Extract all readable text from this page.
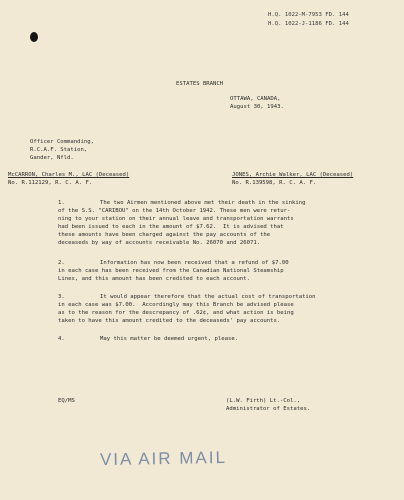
H.Q. 1022-M-7953 FD. 144
H.Q. 1022-J-1186 FD. 144
ESTATES BRANCH
OTTAWA, CANADA,
August 30, 1943.
Officer Commanding,
R.C.A.F. Station,
Gander, Nfld.
McCARRON, Charles M., LAC (Deceased)
No. R.112129, R. C. A. F.
JONES, Archie Walker, LAC (Deceased)
No. R.139598, R. C. A. F.
1.	The two Airmen mentioned above met their death in the sinking
of the S.S. "CARIBOU" on the 14th October 1942. These men were retur-
ning to your station on their annual leave and transportation warrants
had been issued to each in the amount of $7.62.  It is advised that
these amounts have been charged against the pay accounts of the
deceaseds by way of accounts receivable No. 26070 and 26071.
2.	Information has now been received that a refund of $7.00
in each case has been received from the Canadian National Steamship
Lines, and this amount has been credited to each account.
3.	It would appear therefore that the actual cost of transportation
in each case was $7.00.  Accordingly may this Branch be advised please
as to the reason for the descrepancy of .62¢, and what action is being
taken to have this amount credited to the deceaseds' pay accounts.
4.	May this matter be deemed urgent, please.
EQ/MS	(L.W. Firth) Lt.-Col.,
Administrator of Estates.
VIA AIR MAIL
